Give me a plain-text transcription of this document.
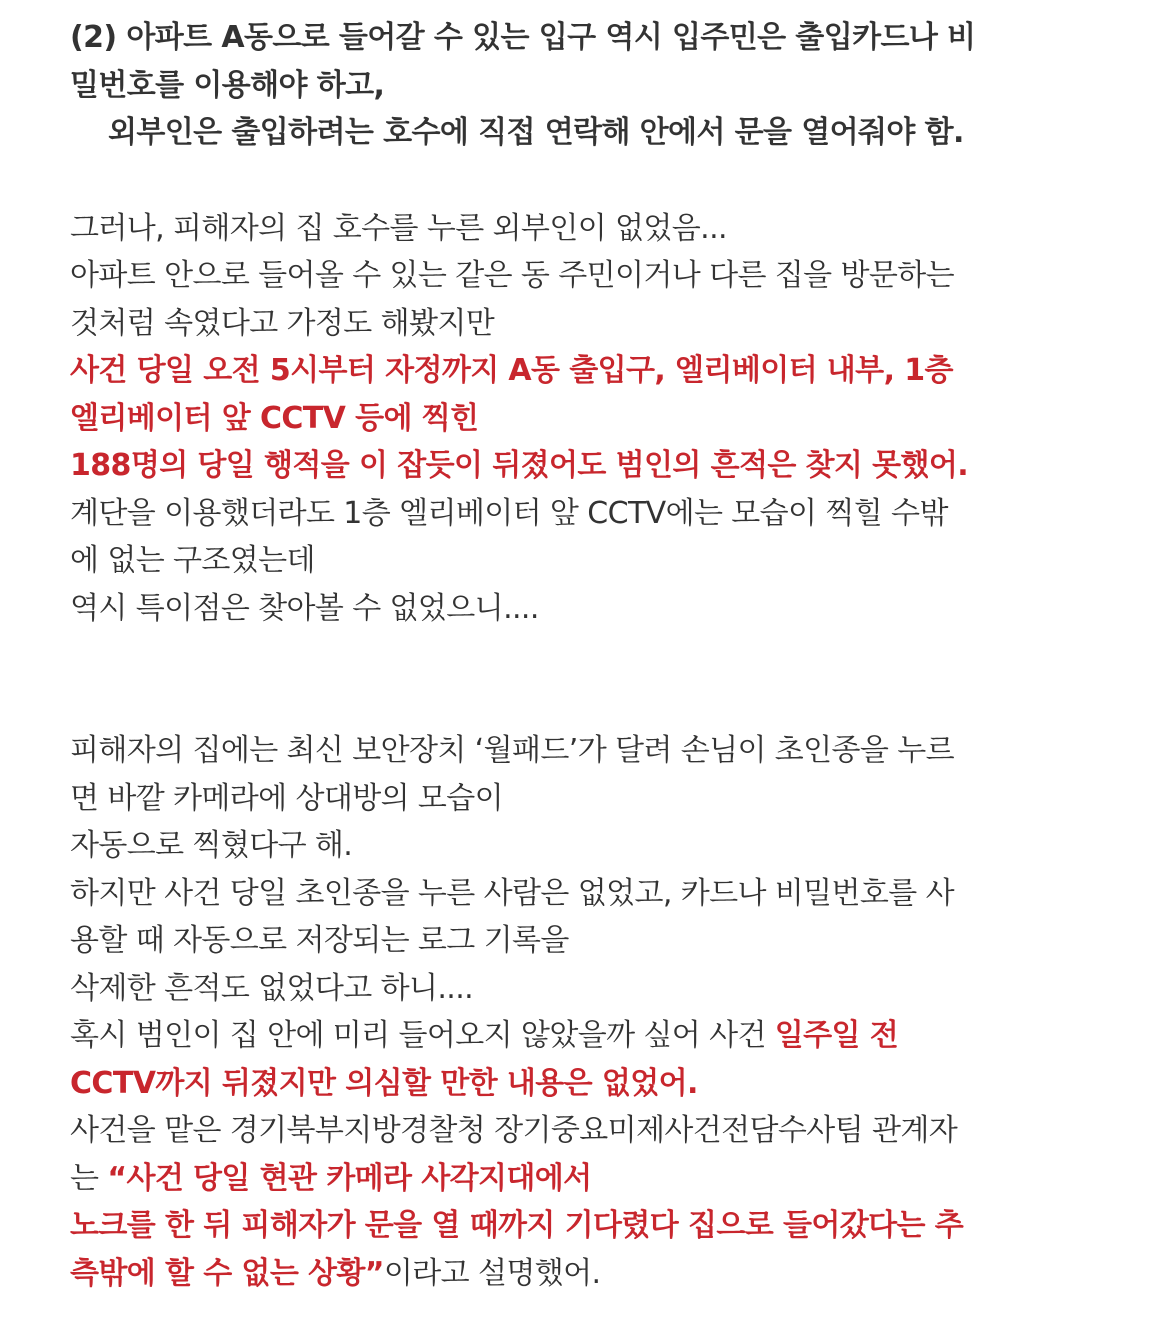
(2) 아파트 A동으로 들어갈 수 있는 입구 역시 입주민은 출입카드나 비
밀번호를 이용해야 하고,
외부인은 출입하려는 호수에 직접 연락해 안에서 문을 열어줘야 함.
그러나, 피해자의 집 호수를 누른 외부인이 없었음...
아파트 안으로 들어올 수 있는 같은 동 주민이거나 다른 집을 방문하는
것처럼 속였다고 가정도 해봤지만
사건 당일 오전 5시부터 자정까지 A동 출입구, 엘리베이터 내부, 1층
엘리베이터 앞 CCTV 등에 찍힌
188명의 당일 행적을 이 잡듯이 뒤졌어도 범인의 흔적은 찾지 못했어.
계단을 이용했더라도 1층 엘리베이터 앞 CCTV에는 모습이 찍힐 수밖
에 없는 구조였는데
역시 특이점은 찾아볼 수 없었으니....
피해자의 집에는 최신 보안장치 ‘월패드’가 달려 손님이 초인종을 누르
면 바깥 카메라에 상대방의 모습이
자동으로 찍혔다구 해.
하지만 사건 당일 초인종을 누른 사람은 없었고, 카드나 비밀번호를 사
용할 때 자동으로 저장되는 로그 기록을
삭제한 흔적도 없었다고 하니....
혹시 범인이 집 안에 미리 들어오지 않았을까 싶어 사건 일주일 전
CCTV까지 뒤졌지만 의심할 만한 내용은 없었어.
사건을 맡은 경기북부지방경찰청 장기중요미제사건전담수사팀 관계자
는 “사건 당일 현관 카메라 사각지대에서
노크를 한 뒤 피해자가 문을 열 때까지 기다렸다 집으로 들어갔다는 추
측밖에 할 수 없는 상황”이라고 설명했어.
